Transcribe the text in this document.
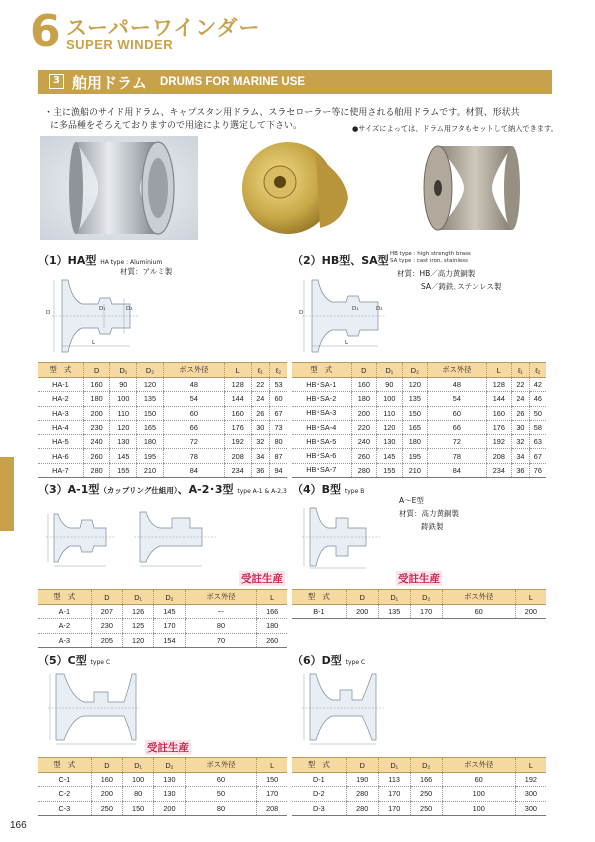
6 スーパーワインダー
SUPER WINDER
3 舶用ドラム DRUMS FOR MARINE USE
・主に漁船のサイド用ドラム、キャプスタン用ドラム、スラセローラー等に使用される舶用ドラムです。材質、形状共
に多品種をそろえておりますので用途により選定して下さい。	●サイズによっては、ドラム用フタもセットして納入できます。
（1）HA型 HA type : Aluminium
材質：アルミ製
D
D₁	D₂
L
型　式	D	D₁	D₂	ボス外径	L	ℓ₁	ℓ₂
HA-1	160	90	120	48	128	22	53
HA-2	180	100	135	54	144	24	60
HA-3	200	110	150	60	160	26	67
HA-4	230	120	165	66	176	30	73
HA-5	240	130	180	72	192	32	80
HA-6	260	145	195	78	208	34	87
HA-7	280	155	210	84	234	36	94
（2）HB型、SA型 HB type : high strength brass
SA type : cast iron, stainless
材質：HB／高力黄銅製
SA／鋳鉄､ステンレス製
D
D₁	D₂
L
型　式	D	D₁	D₂	ボス外径	L	ℓ₁	ℓ₂
HB･SA-1	160	90	120	48	128	22	42
HB･SA-2	180	100	135	54	144	24	46
HB･SA-3	200	110	150	60	160	26	50
HB･SA-4	220	120	165	66	176	30	58
HB･SA-5	240	130	180	72	192	32	63
HB･SA-6	260	145	195	78	208	34	67
HB･SA-7	280	155	210	84	234	36	76
（3）A-1型（カップリング仕組用）、A-2･3型 type A-1 & A-2,3
受註生産
型　式	D	D₁	D₂	ボス外径	L
A-1	207	126	145	ー	166
A-2	230	125	170	80	180
A-3	205	120	154	70	260
（4）B型 type B
A〜E型
材質：高力黄銅製
鋳鉄製
受註生産
型　式	D	D₁	D₂	ボス外径	L
B-1	200	135	170	60	200
（5）C型 type C
受註生産
型　式	D	D₁	D₂	ボス外径	L
C-1	160	100	130	60	150
C-2	200	80	130	50	170
C-3	250	150	200	80	208
（6）D型 type C
型　式	D	D₁	D₂	ボス外径	L
D-1	190	113	166	60	192
D-2	280	170	250	100	300
D-3	280	170	250	100	300
166
